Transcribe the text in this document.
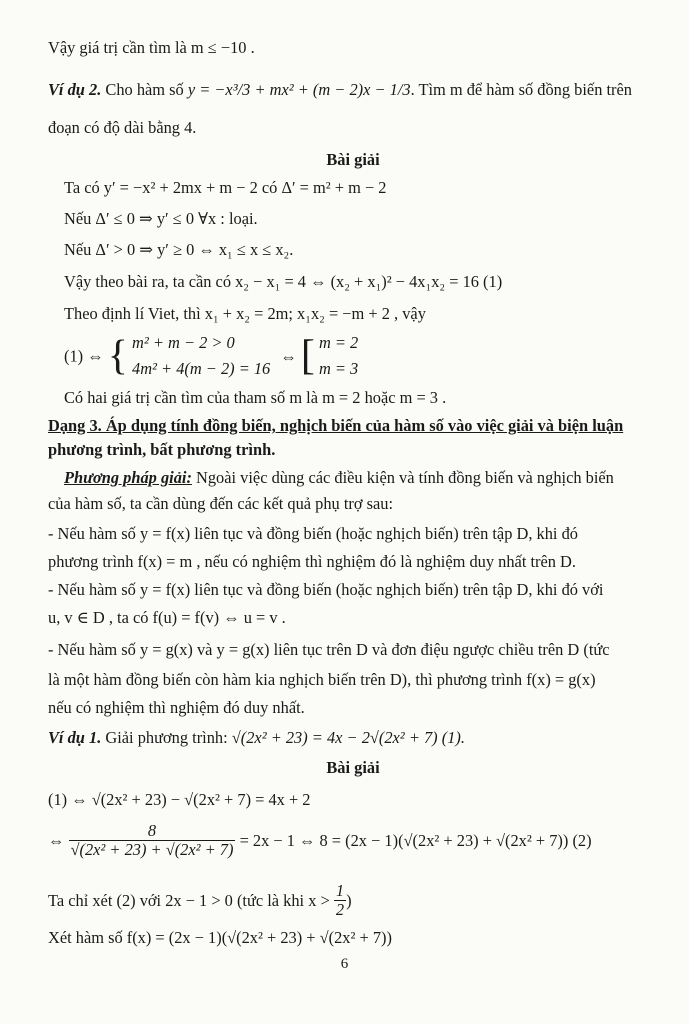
Vậy giá trị cần tìm là m ≤ −10 .
Ví dụ 2. Cho hàm số y = −x³/3 + mx² + (m − 2)x − 1/3. Tìm m để hàm số đồng biến trên
đoạn có độ dài bằng 4.
Bài giải
Ta có y′ = −x² + 2mx + m − 2 có Δ′ = m² + m − 2
Nếu Δ′ ≤ 0 ⇒ y′ ≤ 0 ∀x : loại.
Nếu Δ′ > 0 ⇒ y′ ≥ 0 ⇔ x₁ ≤ x ≤ x₂.
Vậy theo bài ra, ta cần có x₂ − x₁ = 4 ⇔ (x₂ + x₁)² − 4x₁x₂ = 16 (1)
Theo định lí Viet, thì x₁ + x₂ = 2m; x₁x₂ = −m + 2 , vậy
(1) ⇔ { m² + m − 2 > 0
4m² + 4(m − 2) = 16
⇔ [ m = 2
m = 3
Có hai giá trị cần tìm của tham số m là m = 2 hoặc m = 3 .
Dạng 3. Áp dụng tính đồng biến, nghịch biến của hàm số vào việc giải và biện luận
phương trình, bất phương trình.
Phương pháp giải: Ngoài việc dùng các điều kiện và tính đồng biến và nghịch biến
của hàm số, ta cần dùng đến các kết quả phụ trợ sau:
- Nếu hàm số y = f(x) liên tục và đồng biến (hoặc nghịch biến) trên tập D, khi đó
phương trình f(x) = m , nếu có nghiệm thì nghiệm đó là nghiệm duy nhất trên D.
- Nếu hàm số y = f(x) liên tục và đồng biến (hoặc nghịch biến) trên tập D, khi đó với
u, v ∈ D , ta có f(u) = f(v) ⇔ u = v .
- Nếu hàm số y = g(x) và y = g(x) liên tục trên D và đơn điệu ngược chiều trên D (tức
là một hàm đồng biến còn hàm kia nghịch biến trên D), thì phương trình f(x) = g(x)
nếu có nghiệm thì nghiệm đó duy nhất.
Ví dụ 1. Giải phương trình: √(2x² + 23) = 4x − 2√(2x² + 7) (1).
Bài giải
(1) ⇔ √(2x² + 23) − √(2x² + 7) = 4x + 2
⇔ $\frac{8}{\text{√(2x² + 23) + √(2x² + 7)}} = 2x - 1$ ⇔ 8 = (2x − 1)(√(2x² + 23) + √(2x² + 7)) (2)
Ta chỉ xét (2) với 2x − 1 > 0 (tức là khi $x > \frac{1}{2}$ )
Xét hàm số f(x) = (2x − 1)(√(2x² + 23) + √(2x² + 7))
6
